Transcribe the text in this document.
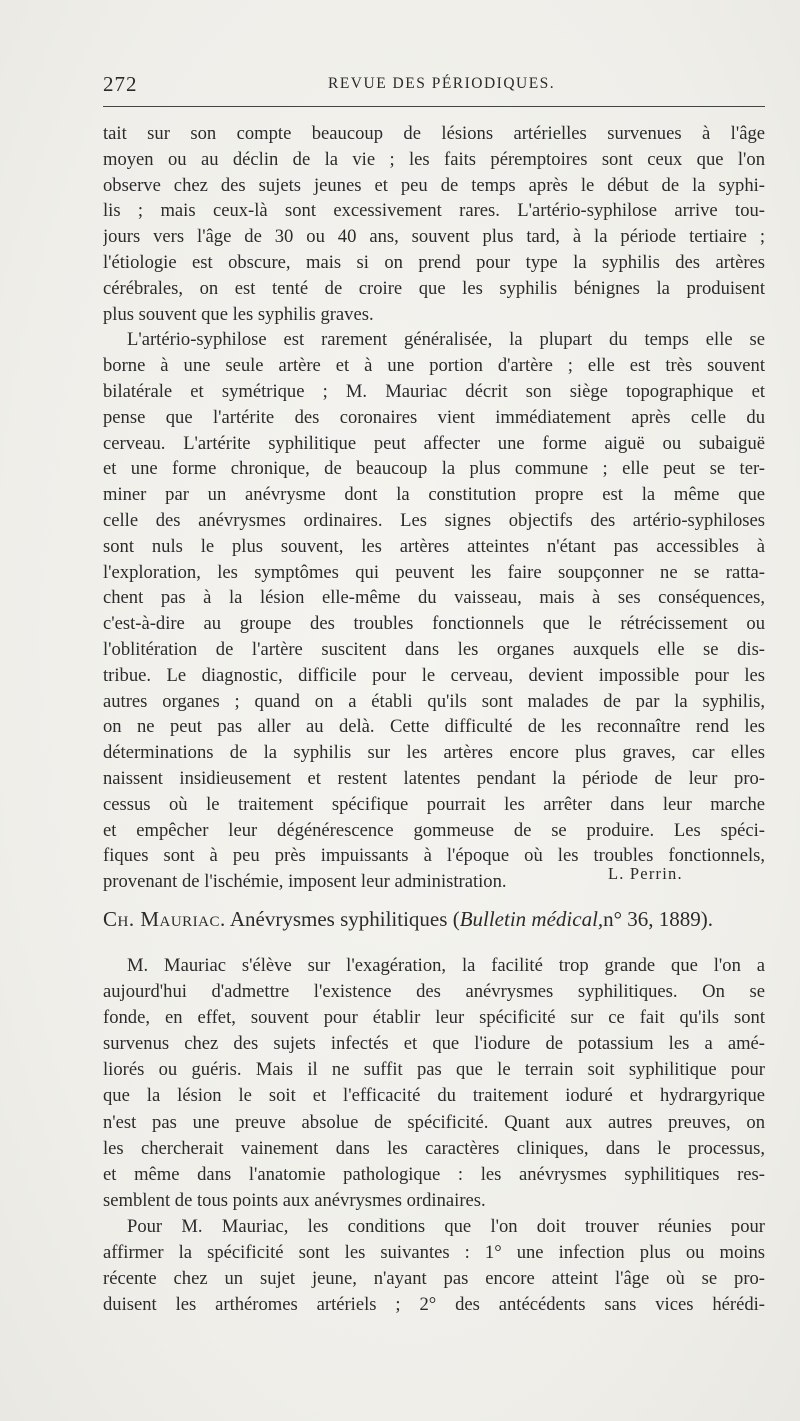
272	REVUE DES PÉRIODIQUES.
tait sur son compte beaucoup de lésions artérielles survenues à l'âge
moyen ou au déclin de la vie ; les faits péremptoires sont ceux que l'on
observe chez des sujets jeunes et peu de temps après le début de la syphi-
lis ; mais ceux-là sont excessivement rares. L'artério-syphilose arrive tou-
jours vers l'âge de 30 ou 40 ans, souvent plus tard, à la période tertiaire ;
l'étiologie est obscure, mais si on prend pour type la syphilis des artères
cérébrales, on est tenté de croire que les syphilis bénignes la produisent
plus souvent que les syphilis graves.
L'artério-syphilose est rarement généralisée, la plupart du temps elle se
borne à une seule artère et à une portion d'artère ; elle est très souvent
bilatérale et symétrique ; M. Mauriac décrit son siège topographique et
pense que l'artérite des coronaires vient immédiatement après celle du
cerveau. L'artérite syphilitique peut affecter une forme aiguë ou subaiguë
et une forme chronique, de beaucoup la plus commune ; elle peut se ter-
miner par un anévrysme dont la constitution propre est la même que
celle des anévrysmes ordinaires. Les signes objectifs des artério-syphiloses
sont nuls le plus souvent, les artères atteintes n'étant pas accessibles à
l'exploration, les symptômes qui peuvent les faire soupçonner ne se ratta-
chent pas à la lésion elle-même du vaisseau, mais à ses conséquences,
c'est-à-dire au groupe des troubles fonctionnels que le rétrécissement ou
l'oblitération de l'artère suscitent dans les organes auxquels elle se dis-
tribue. Le diagnostic, difficile pour le cerveau, devient impossible pour les
autres organes ; quand on a établi qu'ils sont malades de par la syphilis,
on ne peut pas aller au delà. Cette difficulté de les reconnaître rend les
déterminations de la syphilis sur les artères encore plus graves, car elles
naissent insidieusement et restent latentes pendant la période de leur pro-
cessus où le traitement spécifique pourrait les arrêter dans leur marche
et empêcher leur dégénérescence gommeuse de se produire. Les spéci-
fiques sont à peu près impuissants à l'époque où les troubles fonctionnels,
provenant de l'ischémie, imposent leur administration.	L. Perrin.
Ch. Mauriac. Anévrysmes syphilitiques (Bulletin médical,n° 36, 1889).
M. Mauriac s'élève sur l'exagération, la facilité trop grande que l'on a
aujourd'hui d'admettre l'existence des anévrysmes syphilitiques. On se
fonde, en effet, souvent pour établir leur spécificité sur ce fait qu'ils sont
survenus chez des sujets infectés et que l'iodure de potassium les a amé-
liorés ou guéris. Mais il ne suffit pas que le terrain soit syphilitique pour
que la lésion le soit et l'efficacité du traitement ioduré et hydrargyrique
n'est pas une preuve absolue de spécificité. Quant aux autres preuves, on
les chercherait vainement dans les caractères cliniques, dans le processus,
et même dans l'anatomie pathologique : les anévrysmes syphilitiques res-
semblent de tous points aux anévrysmes ordinaires.
Pour M. Mauriac, les conditions que l'on doit trouver réunies pour
affirmer la spécificité sont les suivantes : 1° une infection plus ou moins
récente chez un sujet jeune, n'ayant pas encore atteint l'âge où se pro-
duisent les arthéromes artériels ; 2° des antécédents sans vices hérédi-
